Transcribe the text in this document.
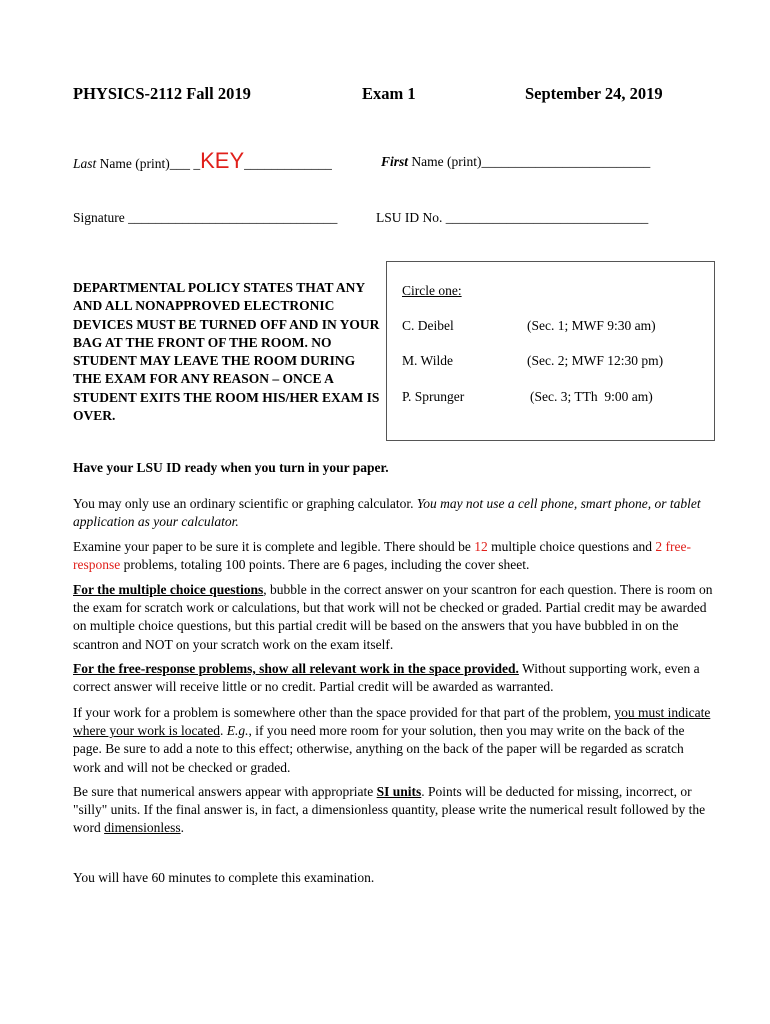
PHYSICS-2112 Fall 2019	Exam 1	September 24, 2019
Last Name (print)___ _KEY_____________	First Name (print)_________________________
Signature _______________________________	LSU ID No. ______________________________
DEPARTMENTAL POLICY STATES THAT ANY AND ALL NONAPPROVED ELECTRONIC DEVICES MUST BE TURNED OFF AND IN YOUR BAG AT THE FRONT OF THE ROOM. NO STUDENT MAY LEAVE THE ROOM DURING THE EXAM FOR ANY REASON – ONCE A STUDENT EXITS THE ROOM HIS/HER EXAM IS OVER.
Circle one:
C. Deibel	(Sec. 1; MWF 9:30 am)
M. Wilde	(Sec. 2; MWF 12:30 pm)
P. Sprunger	(Sec. 3; TTh  9:00 am)
Have your LSU ID ready when you turn in your paper.
You may only use an ordinary scientific or graphing calculator. You may not use a cell phone, smart phone, or tablet application as your calculator.
Examine your paper to be sure it is complete and legible. There should be 12 multiple choice questions and 2 free-response problems, totaling 100 points. There are 6 pages, including the cover sheet.
For the multiple choice questions, bubble in the correct answer on your scantron for each question. There is room on the exam for scratch work or calculations, but that work will not be checked or graded. Partial credit may be awarded on multiple choice questions, but this partial credit will be based on the answers that you have bubbled in on the scantron and NOT on your scratch work on the exam itself.
For the free-response problems, show all relevant work in the space provided. Without supporting work, even a correct answer will receive little or no credit. Partial credit will be awarded as warranted.
If your work for a problem is somewhere other than the space provided for that part of the problem, you must indicate where your work is located. E.g., if you need more room for your solution, then you may write on the back of the page. Be sure to add a note to this effect; otherwise, anything on the back of the paper will be regarded as scratch work and will not be checked or graded.
Be sure that numerical answers appear with appropriate SI units. Points will be deducted for missing, incorrect, or "silly" units. If the final answer is, in fact, a dimensionless quantity, please write the numerical result followed by the word dimensionless.
You will have 60 minutes to complete this examination.
